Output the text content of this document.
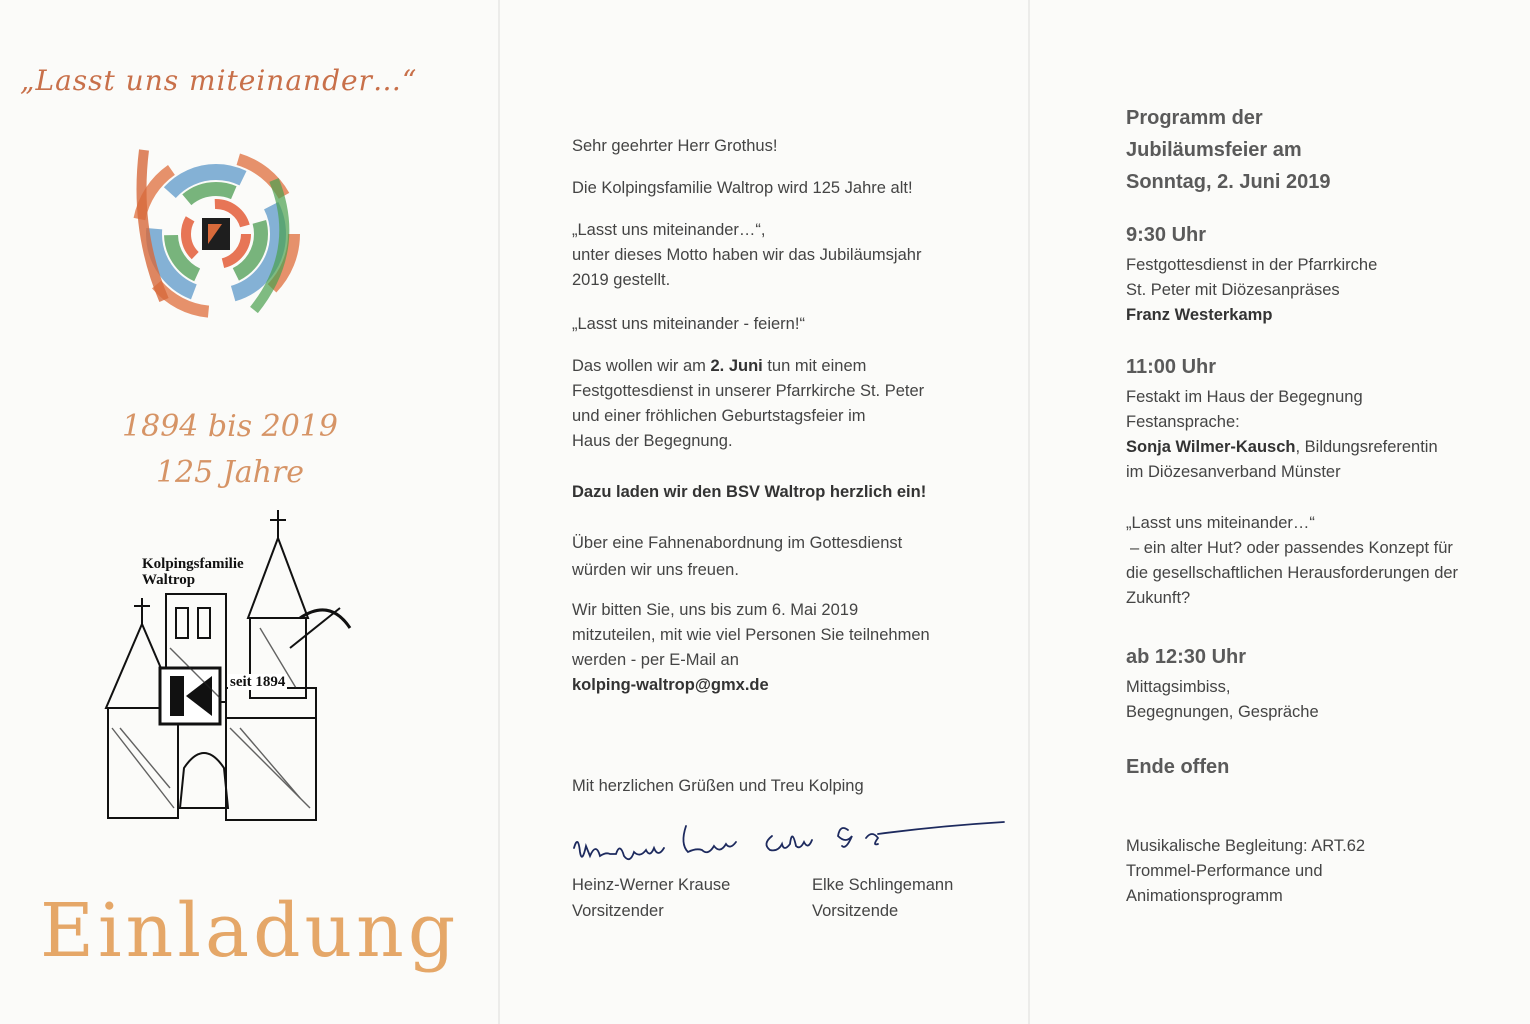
„Lasst uns miteinander…“
1894 bis 2019
125 Jahre
Kolpingsfamilie
Waltrop
seit 1894
Einladung

Sehr geehrter Herr Grothus!

Die Kolpingsfamilie Waltrop wird 125 Jahre alt!

„Lasst uns miteinander…“,
unter dieses Motto haben wir das Jubiläumsjahr
2019 gestellt.

„Lasst uns miteinander - feiern!“

Das wollen wir am 2. Juni tun mit einem
Festgottesdienst in unserer Pfarrkirche St. Peter
und einer fröhlichen Geburtstagsfeier im
Haus der Begegnung.

Dazu laden wir den BSV Waltrop herzlich ein!

Über eine Fahnenabordnung im Gottesdienst
würden wir uns freuen.

Wir bitten Sie, uns bis zum 6. Mai 2019
mitzuteilen, mit wie viel Personen Sie teilnehmen
werden - per E-Mail an
kolping-waltrop@gmx.de

Mit herzlichen Grüßen und Treu Kolping

Heinz-Werner Krause
Vorsitzender
Elke Schlingemann
Vorsitzende
Programm der
Jubiläumsfeier am
Sonntag, 2. Juni 2019
9:30 Uhr
Festgottesdienst in der Pfarrkirche
St. Peter mit Diözesanpräses
Franz Westerkamp
11:00 Uhr
Festakt im Haus der Begegnung
Festansprache:
Sonja Wilmer-Kausch, Bildungsreferentin
im Diözesanverband Münster
„Lasst uns miteinander…“
– ein alter Hut? oder passendes Konzept für
die gesellschaftlichen Herausforderungen der
Zukunft?
ab 12:30 Uhr
Mittagsimbiss,
Begegnungen, Gespräche
Ende offen
Musikalische Begleitung: ART.62
Trommel-Performance und
Animationsprogramm
